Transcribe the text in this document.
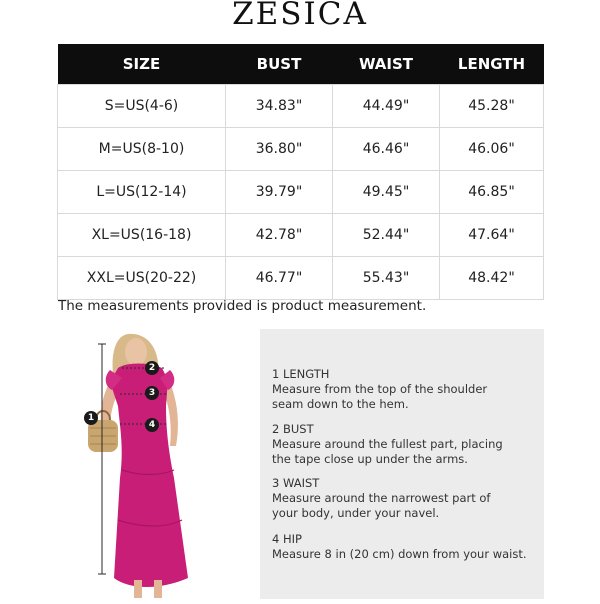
ZESICA
SIZE	BUST	WAIST	LENGTH
S=US(4-6)	34.83"	44.49"	45.28"
M=US(8-10)	36.80"	46.46"	46.06"
L=US(12-14)	39.79"	49.45"	46.85"
XL=US(16-18)	42.78"	52.44"	47.64"
XXL=US(20-22)	46.77"	55.43"	48.42"
The measurements provided is product measurement.
1
2
3
4
1 LENGTH
Measure from the top of the shoulder
seam down to the hem.
2 BUST
Measure around the fullest part, placing
the tape close up under the arms.
3 WAIST
Measure around the narrowest part of
your body, under your navel.
4 HIP
Measure 8 in (20 cm) down from your waist.
